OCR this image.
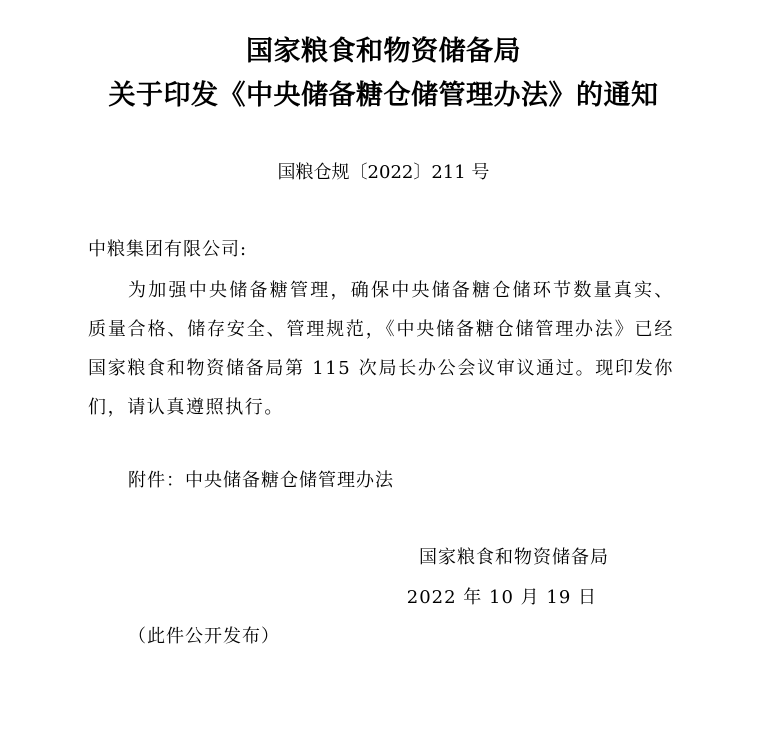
国家粮食和物资储备局
关于印发《中央储备糖仓储管理办法》的通知
国粮仓规〔2022〕211 号
中粮集团有限公司:

为加强中央储备糖管理，确保中央储备糖仓储环节数量真实、质量合格、储存安全、管理规范，《中央储备糖仓储管理办法》已经国家粮食和物资储备局第 115 次局长办公会议审议通过。现印发你们，请认真遵照执行。

附件：中央储备糖仓储管理办法
国家粮食和物资储备局
2022 年 10 月 19 日
（此件公开发布）
